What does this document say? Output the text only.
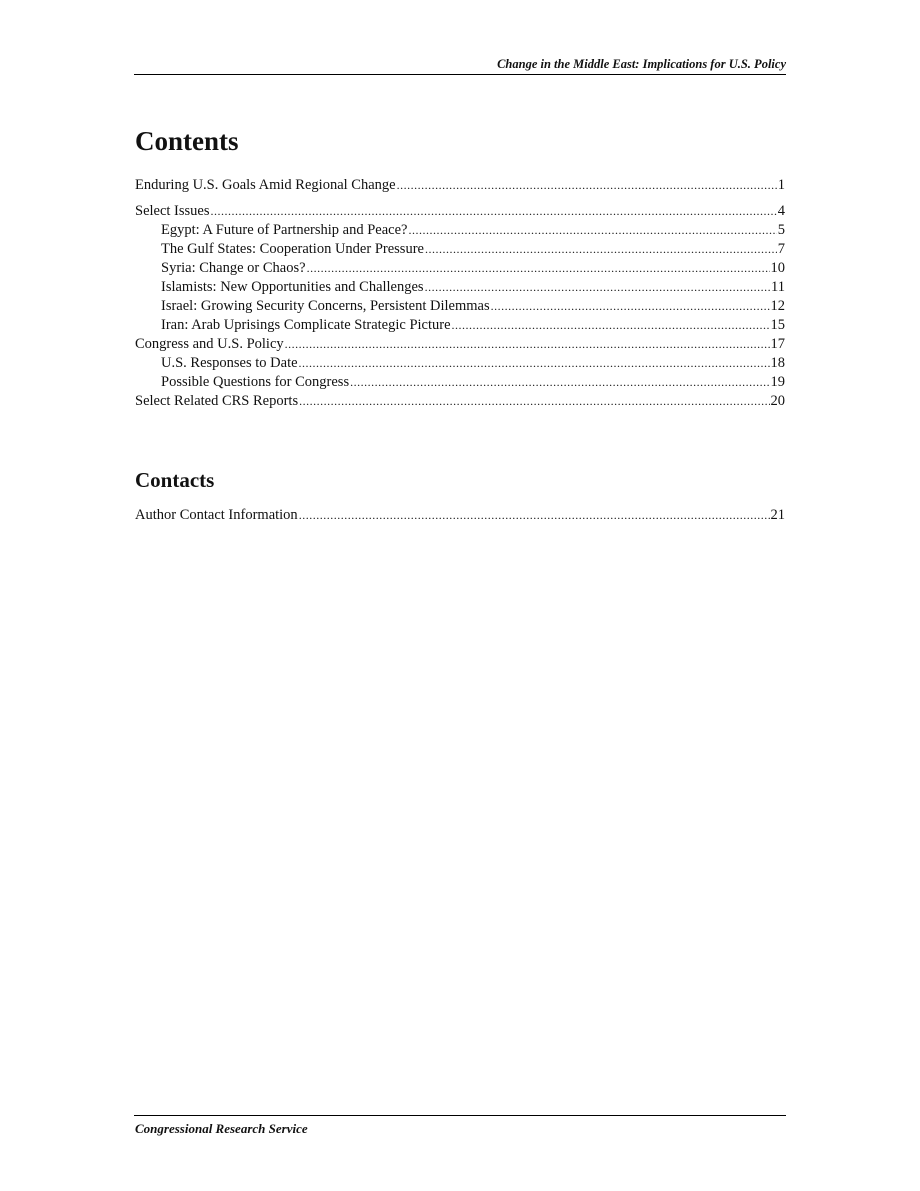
Change in the Middle East: Implications for U.S. Policy
Contents
Enduring U.S. Goals Amid Regional Change .....	1
Select Issues .....	4
Egypt: A Future of Partnership and Peace? .....	5
The Gulf States: Cooperation Under Pressure .....	7
Syria: Change or Chaos? .....	10
Islamists: New Opportunities and Challenges .....	11
Israel: Growing Security Concerns, Persistent Dilemmas .....	12
Iran: Arab Uprisings Complicate Strategic Picture .....	15
Congress and U.S. Policy .....	17
U.S. Responses to Date .....	18
Possible Questions for Congress .....	19
Select Related CRS Reports .....	20
Contacts
Author Contact Information .....	21
Congressional Research Service
